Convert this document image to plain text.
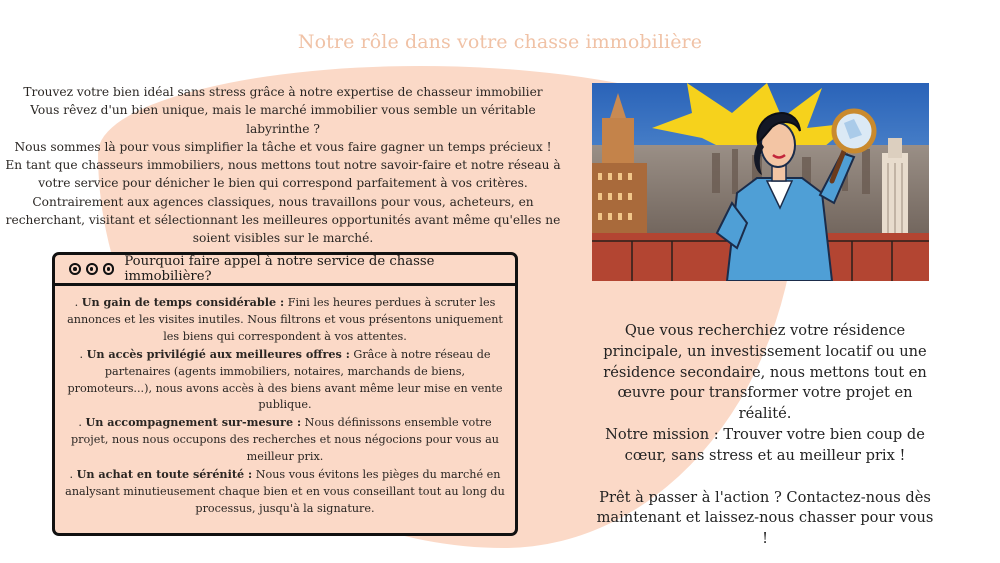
Notre rôle dans votre chasse immobilière

Trouvez votre bien idéal sans stress grâce à notre expertise de chasseur immobilier

Vous rêvez d'un bien unique, mais le marché immobilier vous semble un véritable labyrinthe ?

Nous sommes là pour vous simplifier la tâche et vous faire gagner un temps précieux !

En tant que chasseurs immobiliers, nous mettons tout notre savoir-faire et notre réseau à votre service pour dénicher le bien qui correspond parfaitement à vos critères. Contrairement aux agences classiques, nous travaillons pour vous, acheteurs, en recherchant, visitant et sélectionnant les meilleures opportunités avant même qu'elles ne soient visibles sur le marché.

Pourquoi faire appel à notre service de chasse immobilière?

. Un gain de temps considérable : Fini les heures perdues à scruter les annonces et les visites inutiles. Nous filtrons et vous présentons uniquement les biens qui correspondent à vos attentes.

. Un accès privilégié aux meilleures offres : Grâce à notre réseau de partenaires (agents immobiliers, notaires, marchands de biens, promoteurs...), nous avons accès à des biens avant même leur mise en vente publique.

. Un accompagnement sur-mesure : Nous définissons ensemble votre projet, nous nous occupons des recherches et nous négocions pour vous au meilleur prix.

. Un achat en toute sérénité : Nous vous évitons les pièges du marché en analysant minutieusement chaque bien et en vous conseillant tout au long du processus, jusqu'à la signature.

Que vous recherchiez votre résidence principale, un investissement locatif ou une résidence secondaire, nous mettons tout en œuvre pour transformer votre projet en réalité.

Notre mission : Trouver votre bien coup de cœur, sans stress et au meilleur prix !

Prêt à passer à l'action ? Contactez-nous dès maintenant et laissez-nous chasser pour vous !
